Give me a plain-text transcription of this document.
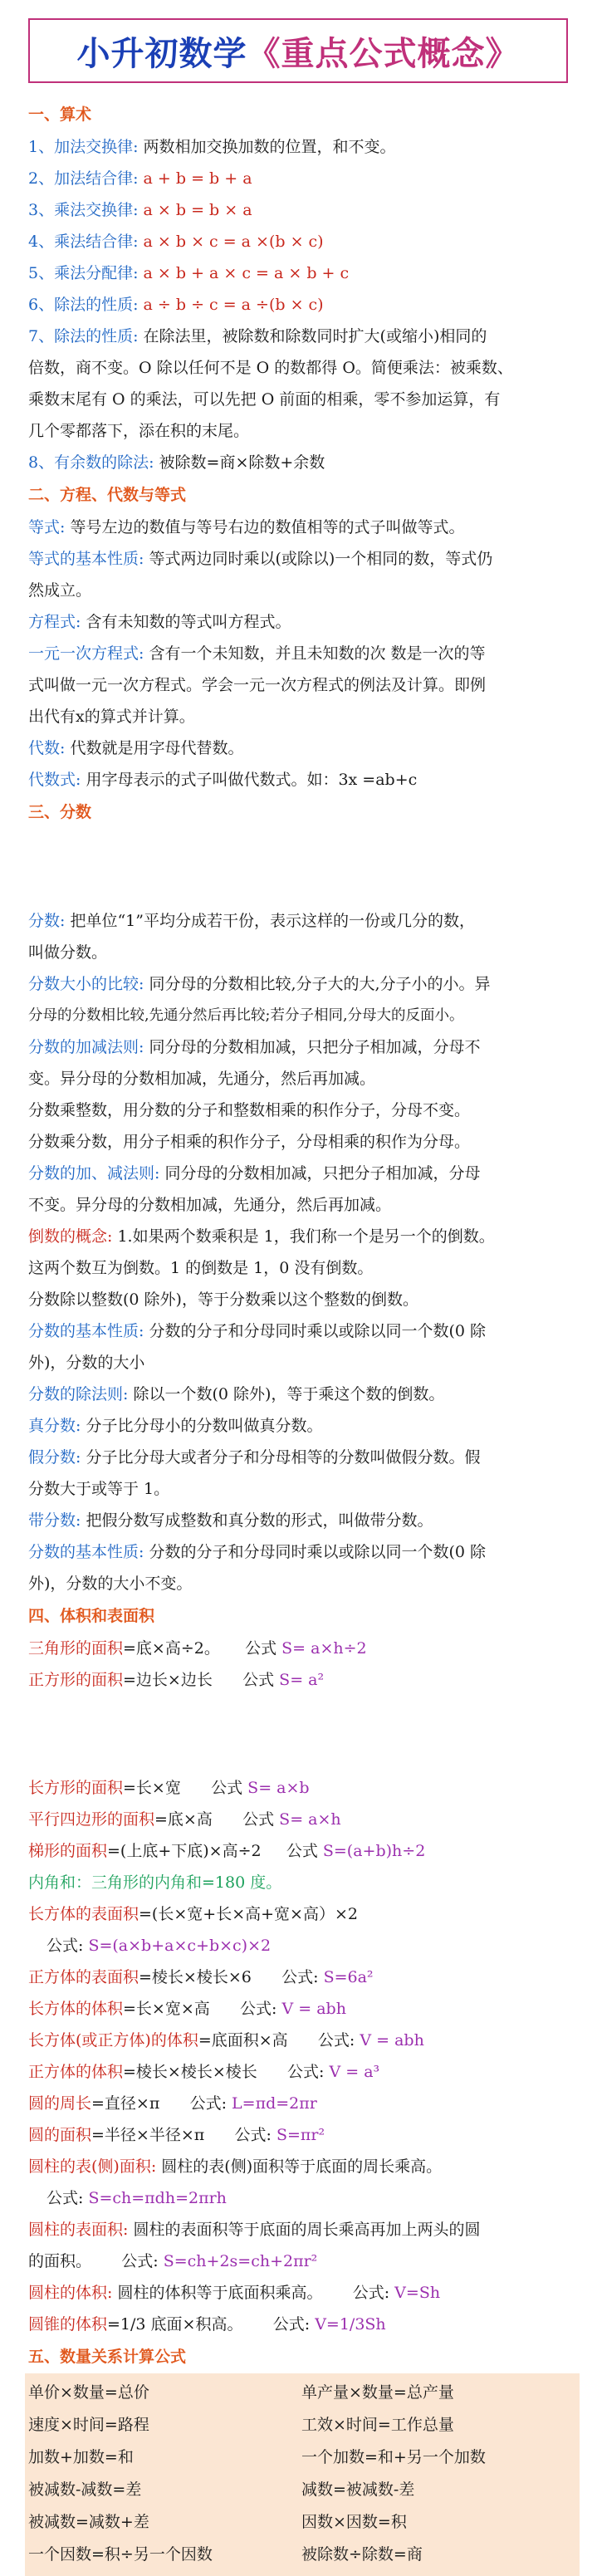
小升初数学《重点公式概念》
一、算术
1、加法交换律: 两数相加交换加数的位置，和不变。
2、加法结合律: a + b = b + a
3、乘法交换律: a × b = b × a
4、乘法结合律: a × b × c = a ×(b × c)
5、乘法分配律: a × b + a × c = a × b + c
6、除法的性质: a ÷ b ÷ c = a ÷(b × c)
7、除法的性质: 在除法里，被除数和除数同时扩大(或缩小)相同的
倍数，商不变。O 除以任何不是 O 的数都得 O。简便乘法：被乘数、
乘数末尾有 O 的乘法，可以先把 O 前面的相乘，零不参加运算，有
几个零都落下，添在积的末尾。
8、有余数的除法: 被除数=商×除数+余数
二、方程、代数与等式
等式: 等号左边的数值与等号右边的数值相等的式子叫做等式。
等式的基本性质: 等式两边同时乘以(或除以)一个相同的数，等式仍
然成立。
方程式: 含有未知数的等式叫方程式。
一元一次方程式: 含有一个未知数，并且未知数的次 数是一次的等
式叫做一元一次方程式。学会一元一次方程式的例法及计算。即例
出代有x的算式并计算。
代数: 代数就是用字母代替数。
代数式: 用字母表示的式子叫做代数式。如：3x =ab+c
三、分数
分数: 把单位“1”平均分成若干份，表示这样的一份或几分的数，
叫做分数。
分数大小的比较: 同分母的分数相比较,分子大的大,分子小的小。异
分母的分数相比较,先通分然后再比较;若分子相同,分母大的反面小。
分数的加减法则: 同分母的分数相加减，只把分子相加减，分母不
变。异分母的分数相加减，先通分，然后再加减。
分数乘整数，用分数的分子和整数相乘的积作分子，分母不变。
分数乘分数，用分子相乘的积作分子，分母相乘的积作为分母。
分数的加、减法则: 同分母的分数相加减，只把分子相加减，分母
不变。异分母的分数相加减，先通分，然后再加减。
倒数的概念: 1.如果两个数乘积是 1，我们称一个是另一个的倒数。
这两个数互为倒数。1 的倒数是 1，0 没有倒数。
分数除以整数(0 除外)，等于分数乘以这个整数的倒数。
分数的基本性质: 分数的分子和分母同时乘以或除以同一个数(0 除
外)，分数的大小
分数的除法则: 除以一个数(0 除外)，等于乘这个数的倒数。
真分数: 分子比分母小的分数叫做真分数。
假分数: 分子比分母大或者分子和分母相等的分数叫做假分数。假
分数大于或等于 1。
带分数: 把假分数写成整数和真分数的形式，叫做带分数。
分数的基本性质: 分数的分子和分母同时乘以或除以同一个数(0 除
外)，分数的大小不变。
四、体积和表面积
三角形的面积=底×高÷2。 公式 S= a×h÷2
正方形的面积=边长×边长 公式 S= a²
长方形的面积=长×宽 公式 S= a×b
平行四边形的面积=底×高 公式 S= a×h
梯形的面积=(上底+下底)×高÷2 公式 S=(a+b)h÷2
内角和：三角形的内角和=180 度。
长方体的表面积=(长×宽+长×高+宽×高）×2
公式: S=(a×b+a×c+b×c)×2
正方体的表面积=棱长×棱长×6 公式: S=6a²
长方体的体积=长×宽×高 公式: V = abh
长方体(或正方体)的体积=底面积×高 公式: V = abh
正方体的体积=棱长×棱长×棱长 公式: V = a³
圆的周长=直径×π 公式: L=πd=2πr
圆的面积=半径×半径×π 公式: S=πr²
圆柱的表(侧)面积: 圆柱的表(侧)面积等于底面的周长乘高。
公式: S=ch=πdh=2πrh
圆柱的表面积: 圆柱的表面积等于底面的周长乘高再加上两头的圆
的面积。 公式: S=ch+2s=ch+2πr²
圆柱的体积: 圆柱的体积等于底面积乘高。 公式: V=Sh
圆锥的体积=1/3 底面×积高。 公式: V=1/3Sh
五、数量关系计算公式
单价×数量=总价	单产量×数量=总产量
速度×时间=路程	工效×时间=工作总量
加数+加数=和	一个加数=和+另一个加数
被减数-减数=差	减数=被减数-差
被减数=减数+差	因数×因数=积
一个因数=积÷另一个因数	被除数÷除数=商
